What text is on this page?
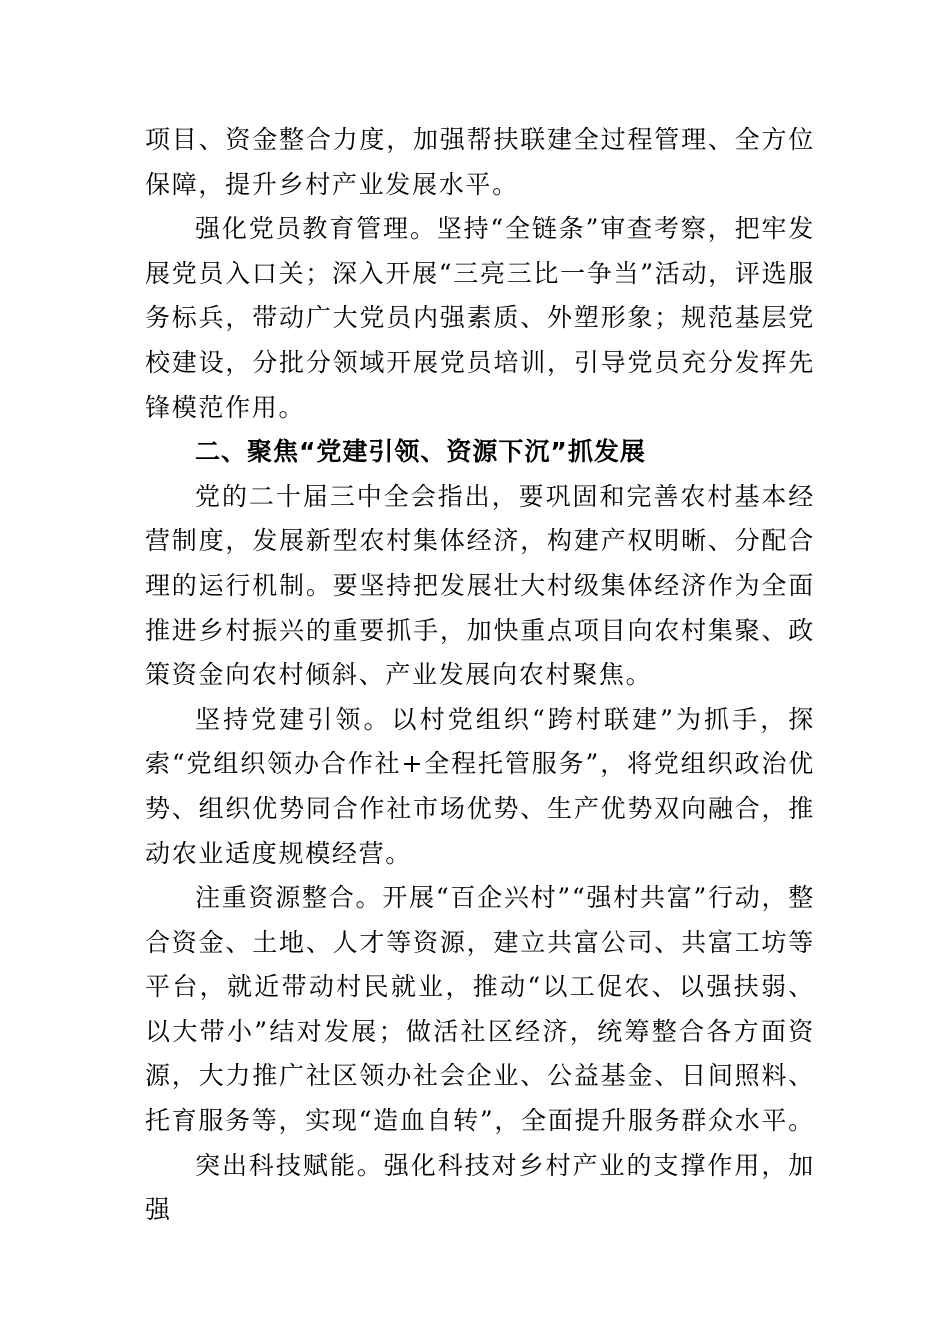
项目、资金整合力度，加强帮扶联建全过程管理、全方位保障，提升乡村产业发展水平。

强化党员教育管理。坚持“全链条”审查考察，把牢发展党员入口关；深入开展“三亮三比一争当”活动，评选服务标兵，带动广大党员内强素质、外塑形象；规范基层党校建设，分批分领域开展党员培训，引导党员充分发挥先锋模范作用。

二、聚焦“党建引领、资源下沉”抓发展

党的二十届三中全会指出，要巩固和完善农村基本经营制度，发展新型农村集体经济，构建产权明晰、分配合理的运行机制。要坚持把发展壮大村级集体经济作为全面推进乡村振兴的重要抓手，加快重点项目向农村集聚、政策资金向农村倾斜、产业发展向农村聚焦。

坚持党建引领。以村党组织“跨村联建”为抓手，探索“党组织领办合作社+全程托管服务”，将党组织政治优势、组织优势同合作社市场优势、生产优势双向融合，推动农业适度规模经营。

注重资源整合。开展“百企兴村”“强村共富”行动，整合资金、土地、人才等资源，建立共富公司、共富工坊等平台，就近带动村民就业，推动“以工促农、以强扶弱、以大带小”结对发展；做活社区经济，统筹整合各方面资源，大力推广社区领办社会企业、公益基金、日间照料、托育服务等，实现“造血自转”，全面提升服务群众水平。

突出科技赋能。强化科技对乡村产业的支撑作用，加强
